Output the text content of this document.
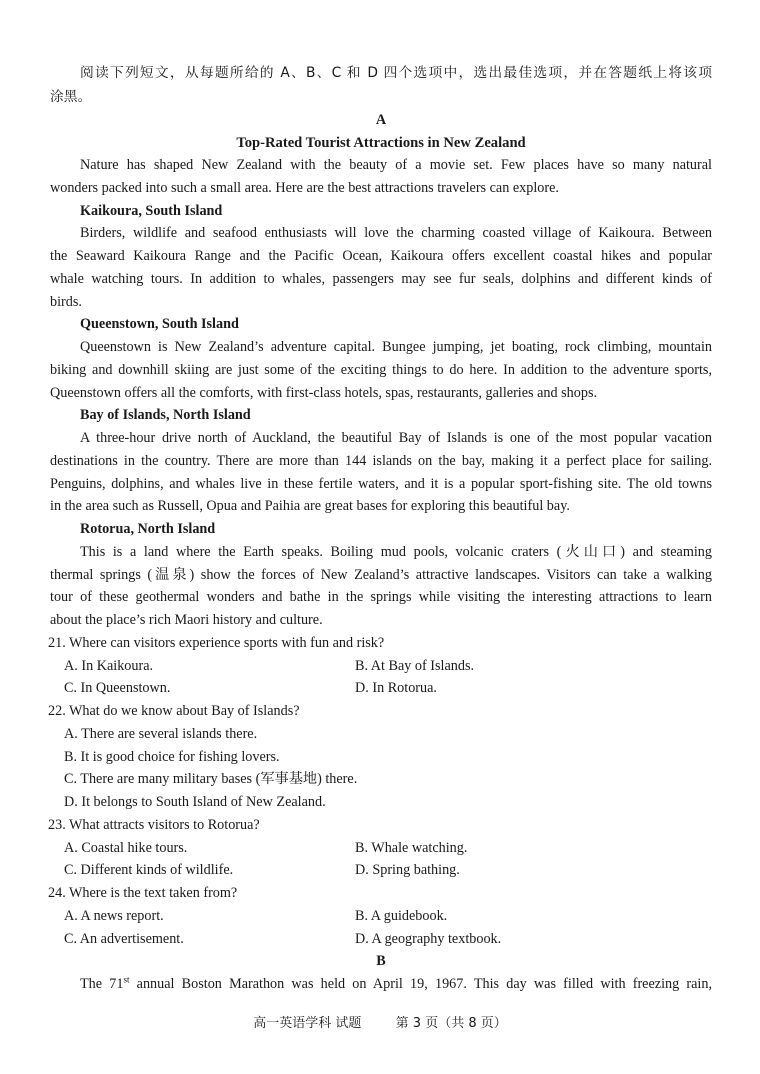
阅读下列短文，从每题所给的 A、B、C 和 D 四个选项中，选出最佳选项，并在答题纸上将该项
涂黑。
A
Top-Rated Tourist Attractions in New Zealand
Nature has shaped New Zealand with the beauty of a movie set. Few places have so many natural
wonders packed into such a small area. Here are the best attractions travelers can explore.
Kaikoura, South Island
Birders, wildlife and seafood enthusiasts will love the charming coasted village of Kaikoura. Between
the Seaward Kaikoura Range and the Pacific Ocean, Kaikoura offers excellent coastal hikes and popular
whale watching tours. In addition to whales, passengers may see fur seals, dolphins and different kinds of
birds.
Queenstown, South Island
Queenstown is New Zealand’s adventure capital. Bungee jumping, jet boating, rock climbing, mountain
biking and downhill skiing are just some of the exciting things to do here. In addition to the adventure sports,
Queenstown offers all the comforts, with first-class hotels, spas, restaurants, galleries and shops.
Bay of Islands, North Island
A three-hour drive north of Auckland, the beautiful Bay of Islands is one of the most popular vacation
destinations in the country. There are more than 144 islands on the bay, making it a perfect place for sailing.
Penguins, dolphins, and whales live in these fertile waters, and it is a popular sport-fishing site. The old towns
in the area such as Russell, Opua and Paihia are great bases for exploring this beautiful bay.
Rotorua, North Island
This is a land where the Earth speaks. Boiling mud pools, volcanic craters (火山口) and steaming
thermal springs (温泉) show the forces of New Zealand’s attractive landscapes. Visitors can take a walking
tour of these geothermal wonders and bathe in the springs while visiting the interesting attractions to learn
about the place’s rich Maori history and culture.
21. Where can visitors experience sports with fun and risk?
A. In Kaikoura.	B. At Bay of Islands.
C. In Queenstown.	D. In Rotorua.
22. What do we know about Bay of Islands?
A. There are several islands there.
B. It is good choice for fishing lovers.
C. There are many military bases (军事基地) there.
D. It belongs to South Island of New Zealand.
23. What attracts visitors to Rotorua?
A. Coastal hike tours.	B. Whale watching.
C. Different kinds of wildlife.	D. Spring bathing.
24. Where is the text taken from?
A. A news report.	B. A guidebook.
C. An advertisement.	D. A geography textbook.
B
The 71st annual Boston Marathon was held on April 19, 1967. This day was filled with freezing rain,
高一英语学科 试题	第 3 页（共 8 页）
